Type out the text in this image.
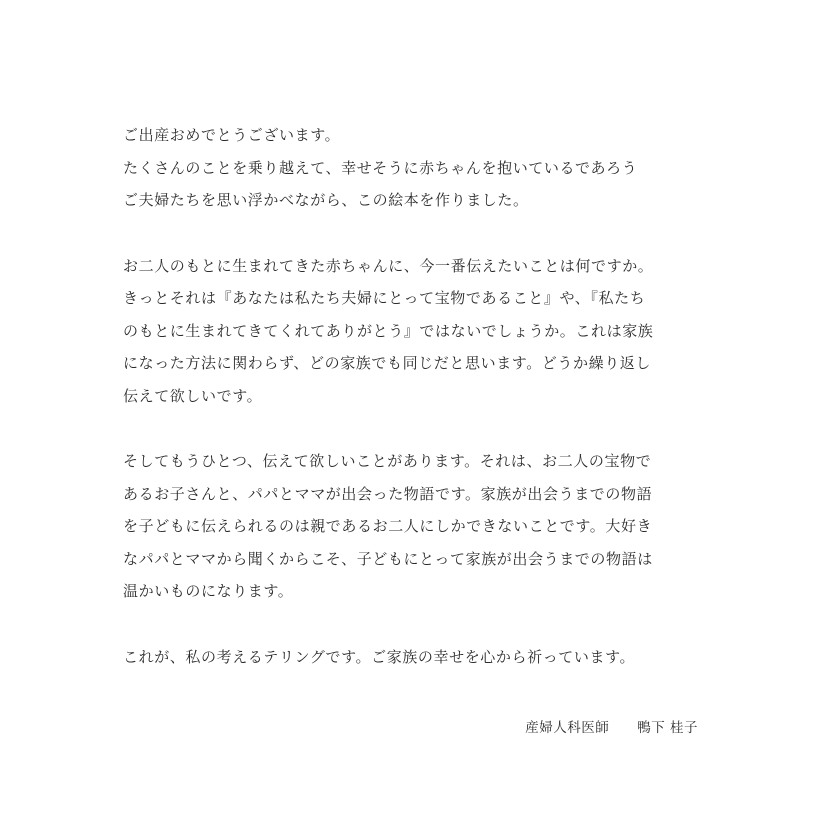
ご出産おめでとうございます。
たくさんのことを乗り越えて、幸せそうに赤ちゃんを抱いているであろう
ご夫婦たちを思い浮かべながら、この絵本を作りました。
お二人のもとに生まれてきた赤ちゃんに、今一番伝えたいことは何ですか。
きっとそれは『あなたは私たち夫婦にとって宝物であること』や、『私たち
のもとに生まれてきてくれてありがとう』ではないでしょうか。これは家族
になった方法に関わらず、どの家族でも同じだと思います。どうか繰り返し
伝えて欲しいです。
そしてもうひとつ、伝えて欲しいことがあります。それは、お二人の宝物で
あるお子さんと、パパとママが出会った物語です。家族が出会うまでの物語
を子どもに伝えられるのは親であるお二人にしかできないことです。大好き
なパパとママから聞くからこそ、子どもにとって家族が出会うまでの物語は
温かいものになります。
これが、私の考えるテリングです。ご家族の幸せを心から祈っています。
産婦人科医師 鴨下 桂子
